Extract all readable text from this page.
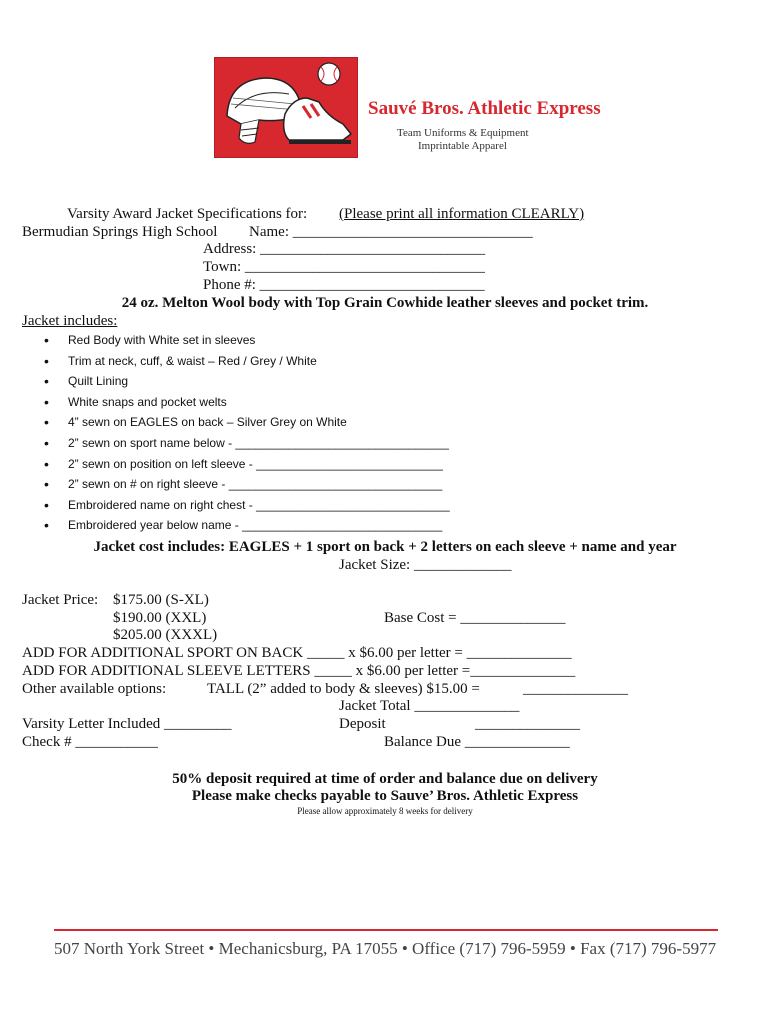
Sauvé Bros. Athletic Express
Team Uniforms & Equipment
Imprintable Apparel
Varsity Award Jacket Specifications for: (Please print all information CLEARLY)
Bermudian Springs High School Name: ________________________________
Address: ______________________________
Town: ________________________________
Phone #: ______________________________
24 oz. Melton Wool body with Top Grain Cowhide leather sleeves and pocket trim.
Jacket includes:
• Red Body with White set in sleeves
• Trim at neck, cuff, & waist – Red / Grey / White
• Quilt Lining
• White snaps and pocket welts
• 4” sewn on EAGLES on back – Silver Grey on White
• 2” sewn on sport name below - ________________________________
• 2” sewn on position on left sleeve - ____________________________
• 2” sewn on # on right sleeve - ________________________________
• Embroidered name on right chest - _____________________________
• Embroidered year below name - ______________________________
Jacket cost includes: EAGLES + 1 sport on back + 2 letters on each sleeve + name and year
Jacket Size: _____________
Jacket Price: $175.00 (S-XL)
$190.00 (XXL)	Base Cost = ______________
$205.00 (XXXL)
ADD FOR ADDITIONAL SPORT ON BACK _____ x $6.00 per letter = ______________
ADD FOR ADDITIONAL SLEEVE LETTERS _____ x $6.00 per letter =______________
Other available options:	TALL (2” added to body & sleeves) $15.00 =	______________
Jacket Total ______________
Varsity Letter Included _________	Deposit	______________
Check # ___________	Balance Due ______________
50% deposit required at time of order and balance due on delivery
Please make checks payable to Sauve’ Bros. Athletic Express
Please allow approximately 8 weeks for delivery
507 North York Street • Mechanicsburg, PA 17055 • Office (717) 796-5959 • Fax (717) 796-5977
